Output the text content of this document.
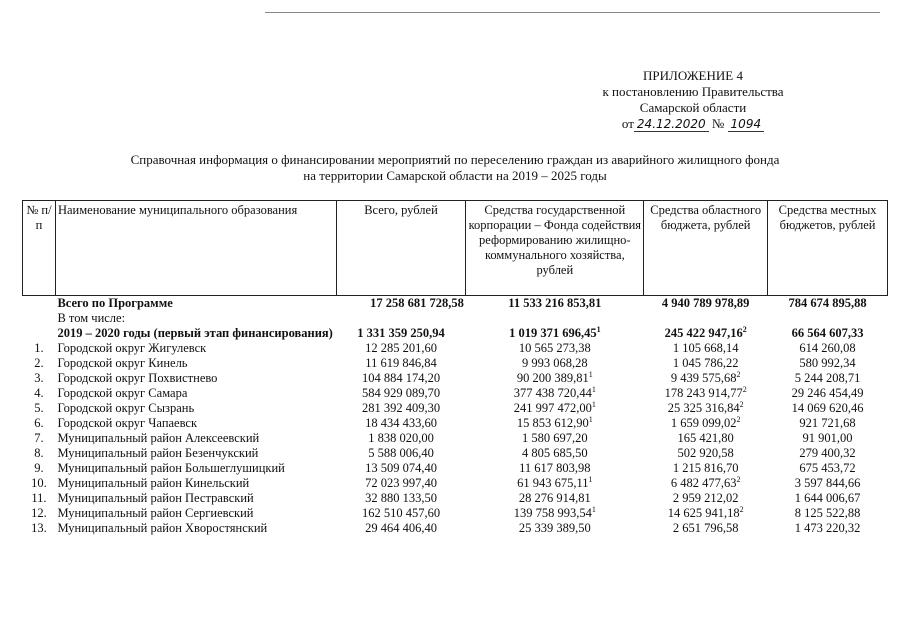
ПРИЛОЖЕНИЕ 4
к постановлению Правительства
Самарской области
от 24.12.2020 № 1094
Справочная информация о финансировании мероприятий по переселению граждан из аварийного жилищного фонда
на территории Самарской области на 2019 – 2025 годы
№ п/п	Наименование муниципального образования	Всего, рублей	Средства государственной корпорации – Фонда содействия реформированию жилищно-коммунального хозяйства, рублей	Средства областного бюджета, рублей	Средства местных бюджетов, рублей
	Всего по Программе	17 258 681 728,58	11 533 216 853,81	4 940 789 978,89	784 674 895,88
	В том числе:				
	2019 – 2020 годы (первый этап финансирования)	1 331 359 250,94	1 019 371 696,45$^1$	245 422 947,16$^2$	66 564 607,33
1.	Городской округ Жигулевск	12 285 201,60	10 565 273,38	1 105 668,14	614 260,08
2.	Городской округ Кинель	11 619 846,84	9 993 068,28	1 045 786,22	580 992,34
3.	Городской округ Похвистнево	104 884 174,20	90 200 389,81$^1$	9 439 575,68$^2$	5 244 208,71
4.	Городской округ Самара	584 929 089,70	377 438 720,44$^1$	178 243 914,77$^2$	29 246 454,49
5.	Городской округ Сызрань	281 392 409,30	241 997 472,00$^1$	25 325 316,84$^2$	14 069 620,46
6.	Городской округ Чапаевск	18 434 433,60	15 853 612,90$^1$	1 659 099,02$^2$	921 721,68
7.	Муниципальный район Алексеевский	1 838 020,00	1 580 697,20	165 421,80	91 901,00
8.	Муниципальный район Безенчукский	5 588 006,40	4 805 685,50	502 920,58	279 400,32
9.	Муниципальный район Большеглушицкий	13 509 074,40	11 617 803,98	1 215 816,70	675 453,72
10.	Муниципальный район Кинельский	72 023 997,40	61 943 675,11$^1$	6 482 477,63$^2$	3 597 844,66
11.	Муниципальный район Пестравский	32 880 133,50	28 276 914,81	2 959 212,02	1 644 006,67
12.	Муниципальный район Сергиевский	162 510 457,60	139 758 993,54$^1$	14 625 941,18$^2$	8 125 522,88
13.	Муниципальный район Хворостянский	29 464 406,40	25 339 389,50	2 651 796,58	1 473 220,32
